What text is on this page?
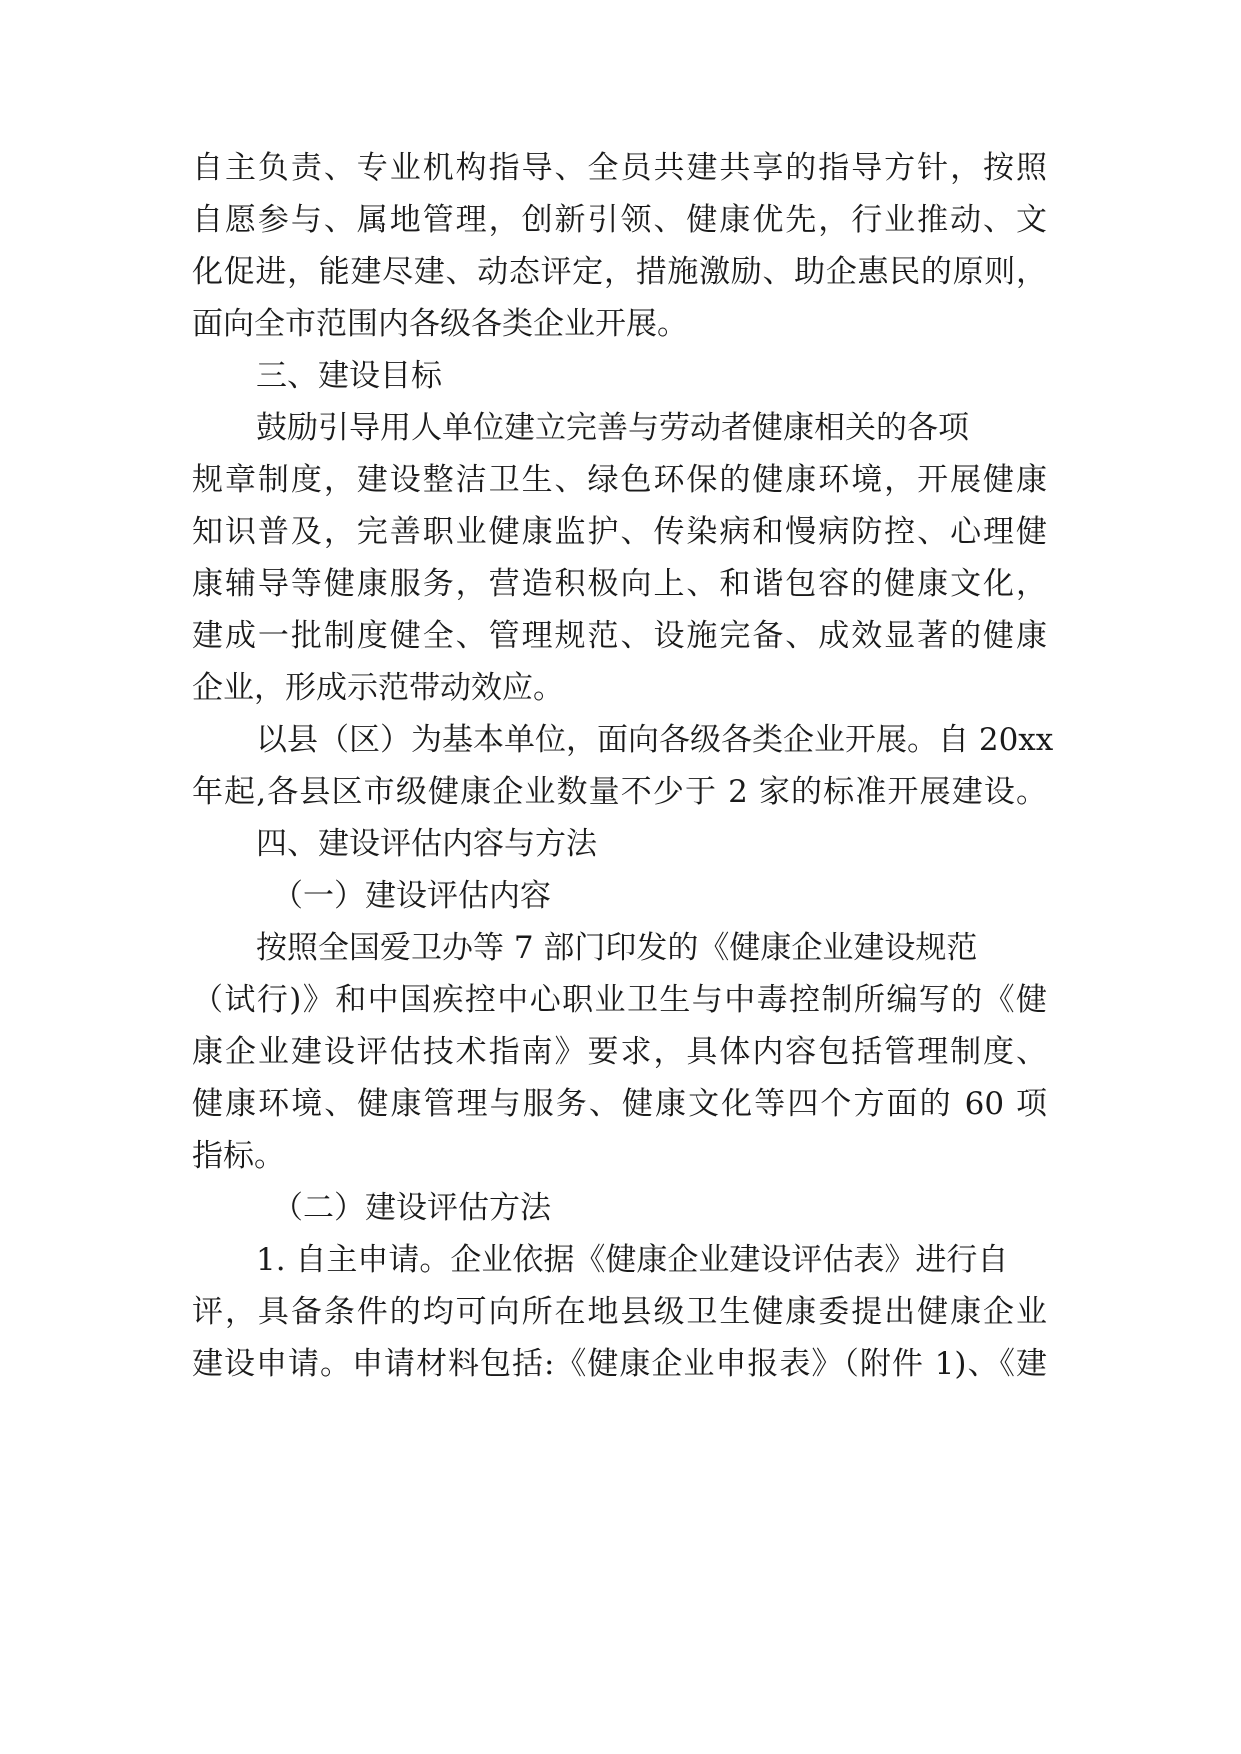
自主负责、专业机构指导、全员共建共享的指导方针，按照
自愿参与、属地管理，创新引领、健康优先，行业推动、文
化促进，能建尽建、动态评定，措施激励、助企惠民的原则，
面向全市范围内各级各类企业开展。
三、建设目标
鼓励引导用人单位建立完善与劳动者健康相关的各项
规章制度，建设整洁卫生、绿色环保的健康环境，开展健康
知识普及，完善职业健康监护、传染病和慢病防控、心理健
康辅导等健康服务，营造积极向上、和谐包容的健康文化，
建成一批制度健全、管理规范、设施完备、成效显著的健康
企业，形成示范带动效应。
以县（区）为基本单位，面向各级各类企业开展。自 20xx
年起,各县区市级健康企业数量不少于 2 家的标准开展建设。
四、建设评估内容与方法
（一）建设评估内容
按照全国爱卫办等 7 部门印发的《健康企业建设规范
（试行)》和中国疾控中心职业卫生与中毒控制所编写的《健
康企业建设评估技术指南》要求，具体内容包括管理制度、
健康环境、健康管理与服务、健康文化等四个方面的 60 项
指标。
（二）建设评估方法
1. 自主申请。企业依据《健康企业建设评估表》进行自
评，具备条件的均可向所在地县级卫生健康委提出健康企业
建设申请。申请材料包括:《健康企业申报表》（附件 1)、《建
